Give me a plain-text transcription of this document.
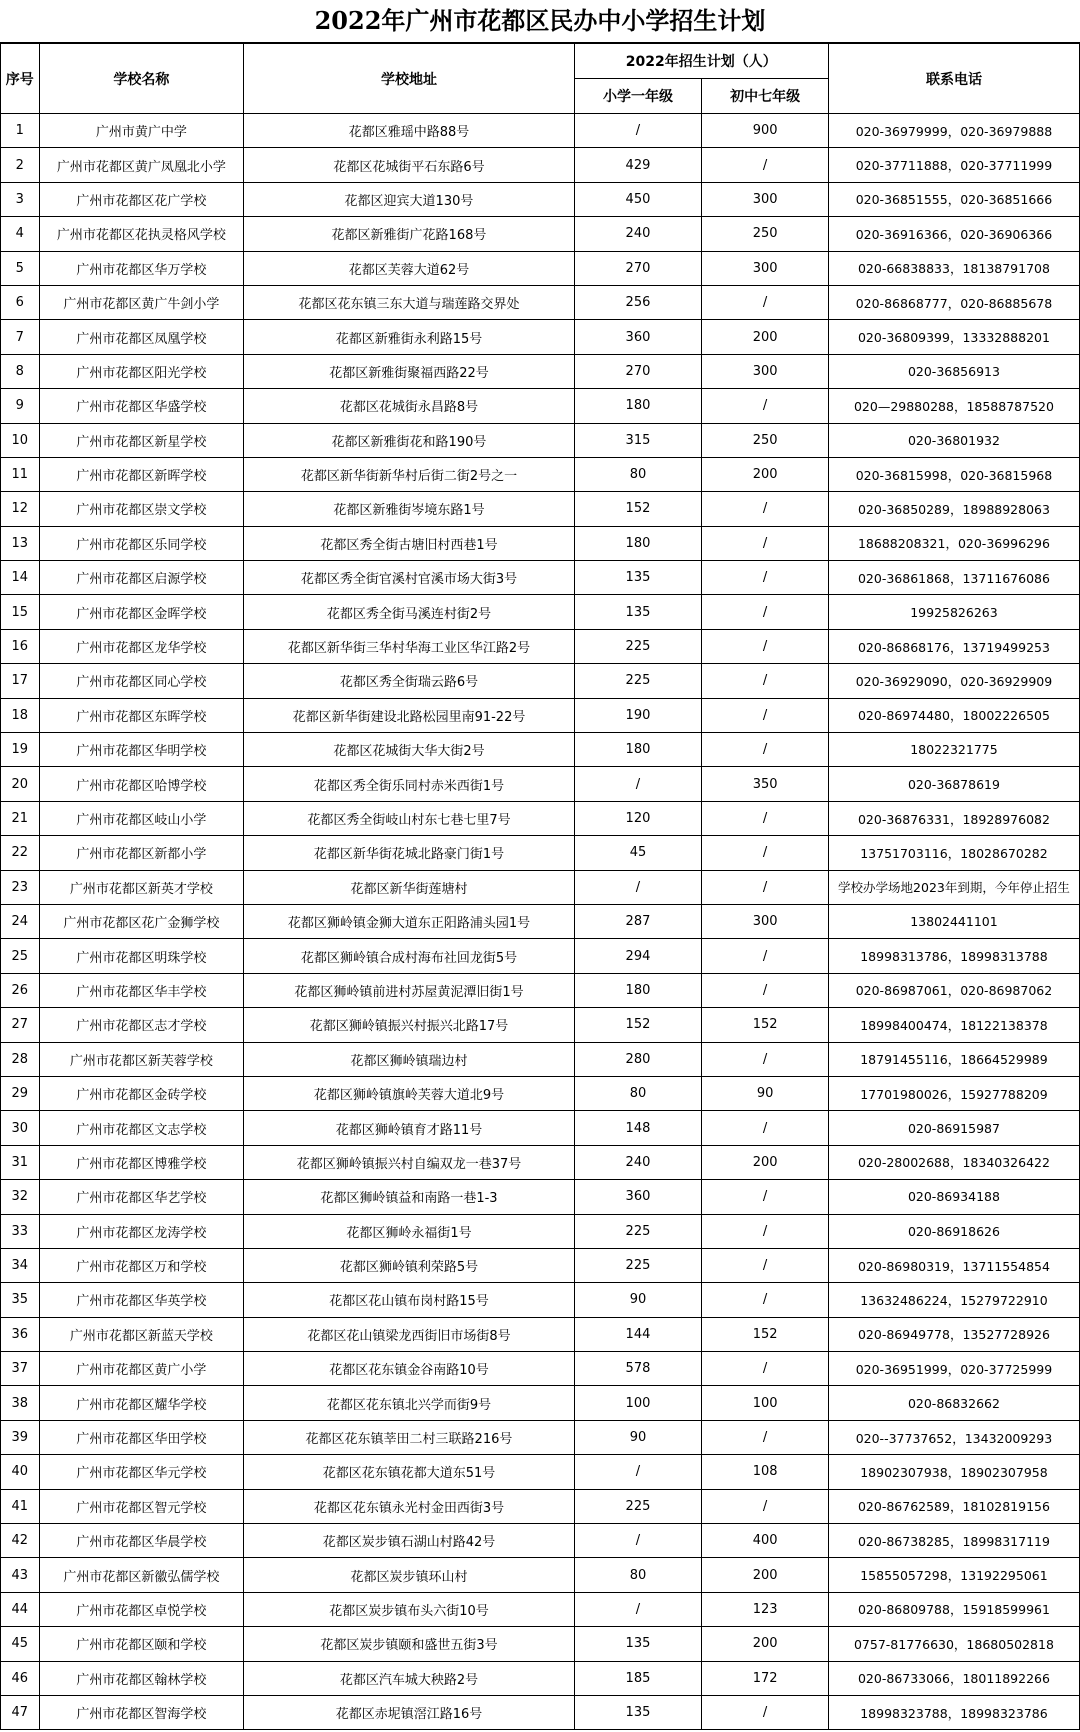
2022年广州市花都区民办中小学招生计划
序号	学校名称	学校地址	2022年招生计划（人）		联系电话
			小学一年级	初中七年级	
1	广州市黄广中学	花都区雅瑶中路88号	/	900	020-36979999，020-36979888
2	广州市花都区黄广凤凰北小学	花都区花城街平石东路6号	429	/	020-37711888，020-37711999
3	广州市花都区花广学校	花都区迎宾大道130号	450	300	020-36851555，020-36851666
4	广州市花都区花执灵格风学校	花都区新雅街广花路168号	240	250	020-36916366，020-36906366
5	广州市花都区华万学校	花都区芙蓉大道62号	270	300	020-66838833，18138791708
6	广州市花都区黄广牛剑小学	花都区花东镇三东大道与瑞莲路交界处	256	/	020-86868777，020-86885678
7	广州市花都区凤凰学校	花都区新雅街永利路15号	360	200	020-36809399，13332888201
8	广州市花都区阳光学校	花都区新雅街聚福西路22号	270	300	020-36856913
9	广州市花都区华盛学校	花都区花城街永昌路8号	180	/	020—29880288，18588787520
10	广州市花都区新星学校	花都区新雅街花和路190号	315	250	020-36801932
11	广州市花都区新晖学校	花都区新华街新华村后街二街2号之一	80	200	020-36815998，020-36815968
12	广州市花都区崇文学校	花都区新雅街岑境东路1号	152	/	020-36850289，18988928063
13	广州市花都区乐同学校	花都区秀全街古塘旧村西巷1号	180	/	18688208321，020-36996296
14	广州市花都区启源学校	花都区秀全街官溪村官溪市场大街3号	135	/	020-36861868，13711676086
15	广州市花都区金晖学校	花都区秀全街马溪连村街2号	135	/	19925826263
16	广州市花都区龙华学校	花都区新华街三华村华海工业区华江路2号	225	/	020-86868176，13719499253
17	广州市花都区同心学校	花都区秀全街瑞云路6号	225	/	020-36929090，020-36929909
18	广州市花都区东晖学校	花都区新华街建设北路松园里南91-22号	190	/	020-86974480，18002226505
19	广州市花都区华明学校	花都区花城街大华大街2号	180	/	18022321775
20	广州市花都区哈博学校	花都区秀全街乐同村赤米西街1号	/	350	020-36878619
21	广州市花都区岐山小学	花都区秀全街岐山村东七巷七里7号	120	/	020-36876331，18928976082
22	广州市花都区新都小学	花都区新华街花城北路豪门街1号	45	/	13751703116，18028670282
23	广州市花都区新英才学校	花都区新华街莲塘村	/	/	学校办学场地2023年到期，今年停止招生
24	广州市花都区花广金狮学校	花都区狮岭镇金狮大道东正阳路浦头园1号	287	300	13802441101
25	广州市花都区明珠学校	花都区狮岭镇合成村海布社回龙街5号	294	/	18998313786，18998313788
26	广州市花都区华丰学校	花都区狮岭镇前进村苏屋黄泥潭旧街1号	180	/	020-86987061，020-86987062
27	广州市花都区志才学校	花都区狮岭镇振兴村振兴北路17号	152	152	18998400474，18122138378
28	广州市花都区新芙蓉学校	花都区狮岭镇瑞边村	280	/	18791455116，18664529989
29	广州市花都区金砖学校	花都区狮岭镇旗岭芙蓉大道北9号	80	90	17701980026，15927788209
30	广州市花都区文志学校	花都区狮岭镇育才路11号	148	/	020-86915987
31	广州市花都区博雅学校	花都区狮岭镇振兴村自编双龙一巷37号	240	200	020-28002688，18340326422
32	广州市花都区华艺学校	花都区狮岭镇益和南路一巷1-3	360	/	020-86934188
33	广州市花都区龙涛学校	花都区狮岭永福街1号	225	/	020-86918626
34	广州市花都区万和学校	花都区狮岭镇利荣路5号	225	/	020-86980319，13711554854
35	广州市花都区华英学校	花都区花山镇布岗村路15号	90	/	13632486224，15279722910
36	广州市花都区新蓝天学校	花都区花山镇梁龙西街旧市场街8号	144	152	020-86949778，13527728926
37	广州市花都区黄广小学	花都区花东镇金谷南路10号	578	/	020-36951999，020-37725999
38	广州市花都区耀华学校	花都区花东镇北兴学而街9号	100	100	020-86832662
39	广州市花都区华田学校	花都区花东镇莘田二村三联路216号	90	/	020--37737652，13432009293
40	广州市花都区华元学校	花都区花东镇花都大道东51号	/	108	18902307938，18902307958
41	广州市花都区智元学校	花都区花东镇永光村金田西街3号	225	/	020-86762589，18102819156
42	广州市花都区华晨学校	花都区炭步镇石湖山村路42号	/	400	020-86738285，18998317119
43	广州市花都区新徽弘儒学校	花都区炭步镇环山村	80	200	15855057298，13192295061
44	广州市花都区卓悦学校	花都区炭步镇布头六街10号	/	123	020-86809788，15918599961
45	广州市花都区颐和学校	花都区炭步镇颐和盛世五街3号	135	200	0757-81776630，18680502818
46	广州市花都区翰林学校	花都区汽车城大秧路2号	185	172	020-86733066，18011892266
47	广州市花都区智海学校	花都区赤坭镇滘江路16号	135	/	18998323788，18998323786
